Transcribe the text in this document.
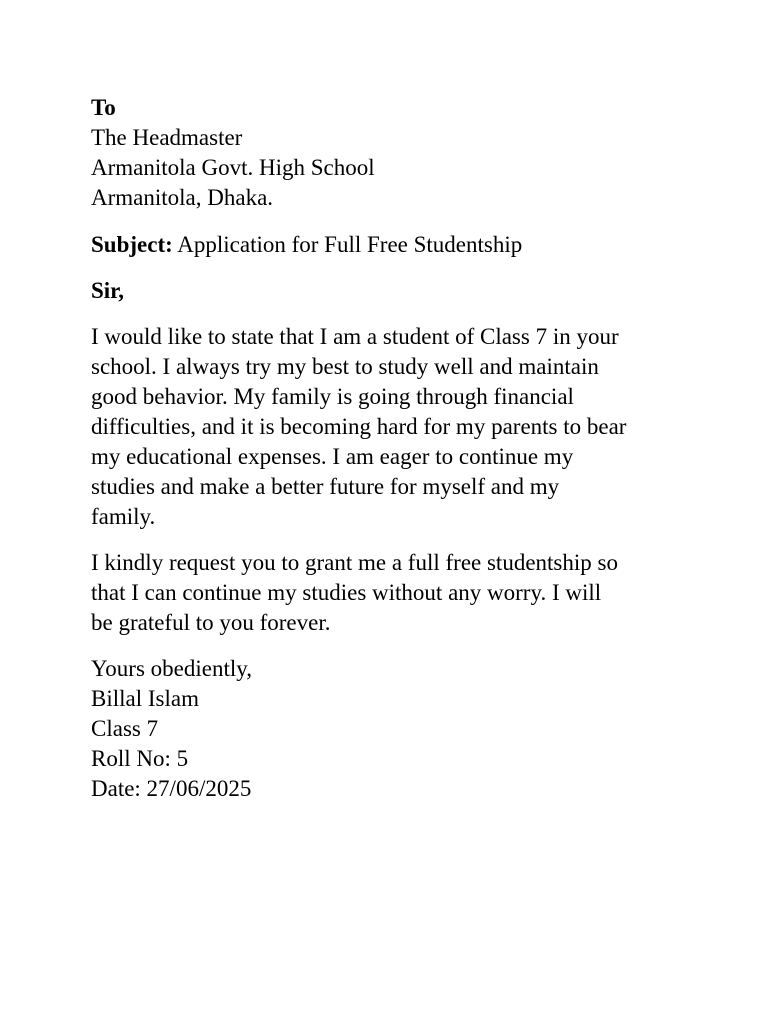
To
The Headmaster
Armanitola Govt. High School
Armanitola, Dhaka.
Subject: Application for Full Free Studentship
Sir,
I would like to state that I am a student of Class 7 in your
school. I always try my best to study well and maintain
good behavior. My family is going through financial
difficulties, and it is becoming hard for my parents to bear
my educational expenses. I am eager to continue my
studies and make a better future for myself and my
family.
I kindly request you to grant me a full free studentship so
that I can continue my studies without any worry. I will
be grateful to you forever.
Yours obediently,
Billal Islam
Class 7
Roll No: 5
Date: 27/06/2025
